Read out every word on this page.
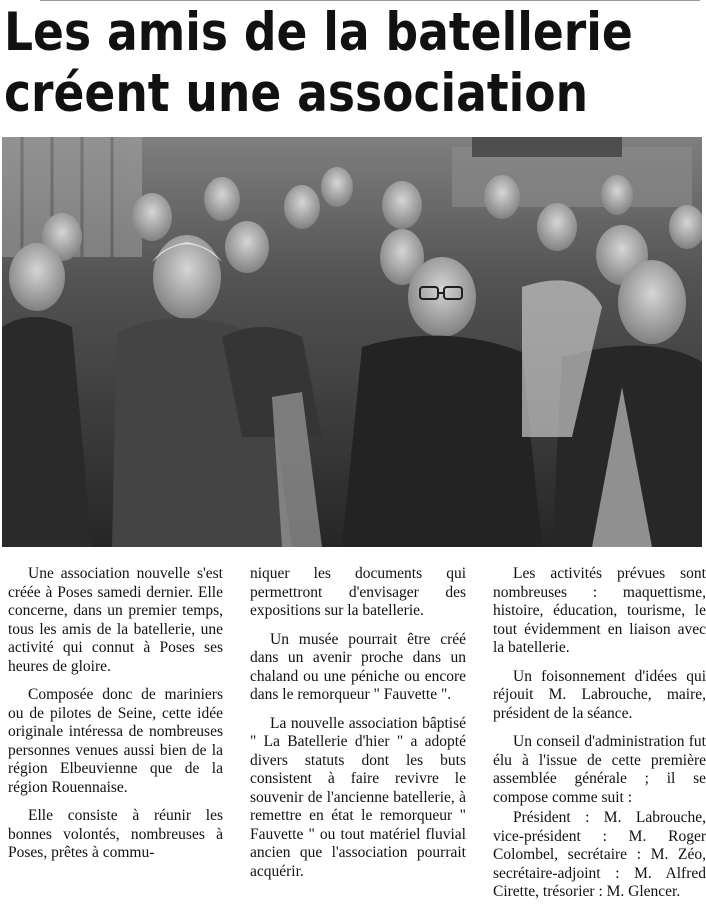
Les amis de la batellerie
créent une association

Une association nouvelle s'est créée à Poses samedi dernier. Elle concerne, dans un premier temps, tous les amis de la batellerie, une activité qui connut à Poses ses heures de gloire.

Composée donc de mariniers ou de pilotes de Seine, cette idée originale intéressa de nombreuses personnes venues aussi bien de la région Elbeuvienne que de la région Rouennaise.

Elle consiste à réunir les bonnes volontés, nombreuses à Poses, prêtes à commu-

niquer les documents qui permettront d'envisager des expositions sur la batellerie.

Un musée pourrait être créé dans un avenir proche dans un chaland ou une péniche ou encore dans le remorqueur " Fauvette ".

La nouvelle association bâptisé " La Batellerie d'hier " a adopté divers statuts dont les buts consistent à faire revivre le souvenir de l'ancienne batellerie, à remettre en état le remorqueur " Fauvette " ou tout matériel fluvial ancien que l'association pourrait acquérir.

Les activités prévues sont nombreuses : maquettisme, histoire, éducation, tourisme, le tout évidemment en liaison avec la batellerie.

Un foisonnement d'idées qui réjouit M. Labrouche, maire, président de la séance.

Un conseil d'administration fut élu à l'issue de cette première assemblée générale ; il se compose comme suit :

Président : M. Labrouche, vice-président : M. Roger Colombel, secrétaire : M. Zéo, secrétaire-adjoint : M. Alfred Cirette, trésorier : M. Glencer.
